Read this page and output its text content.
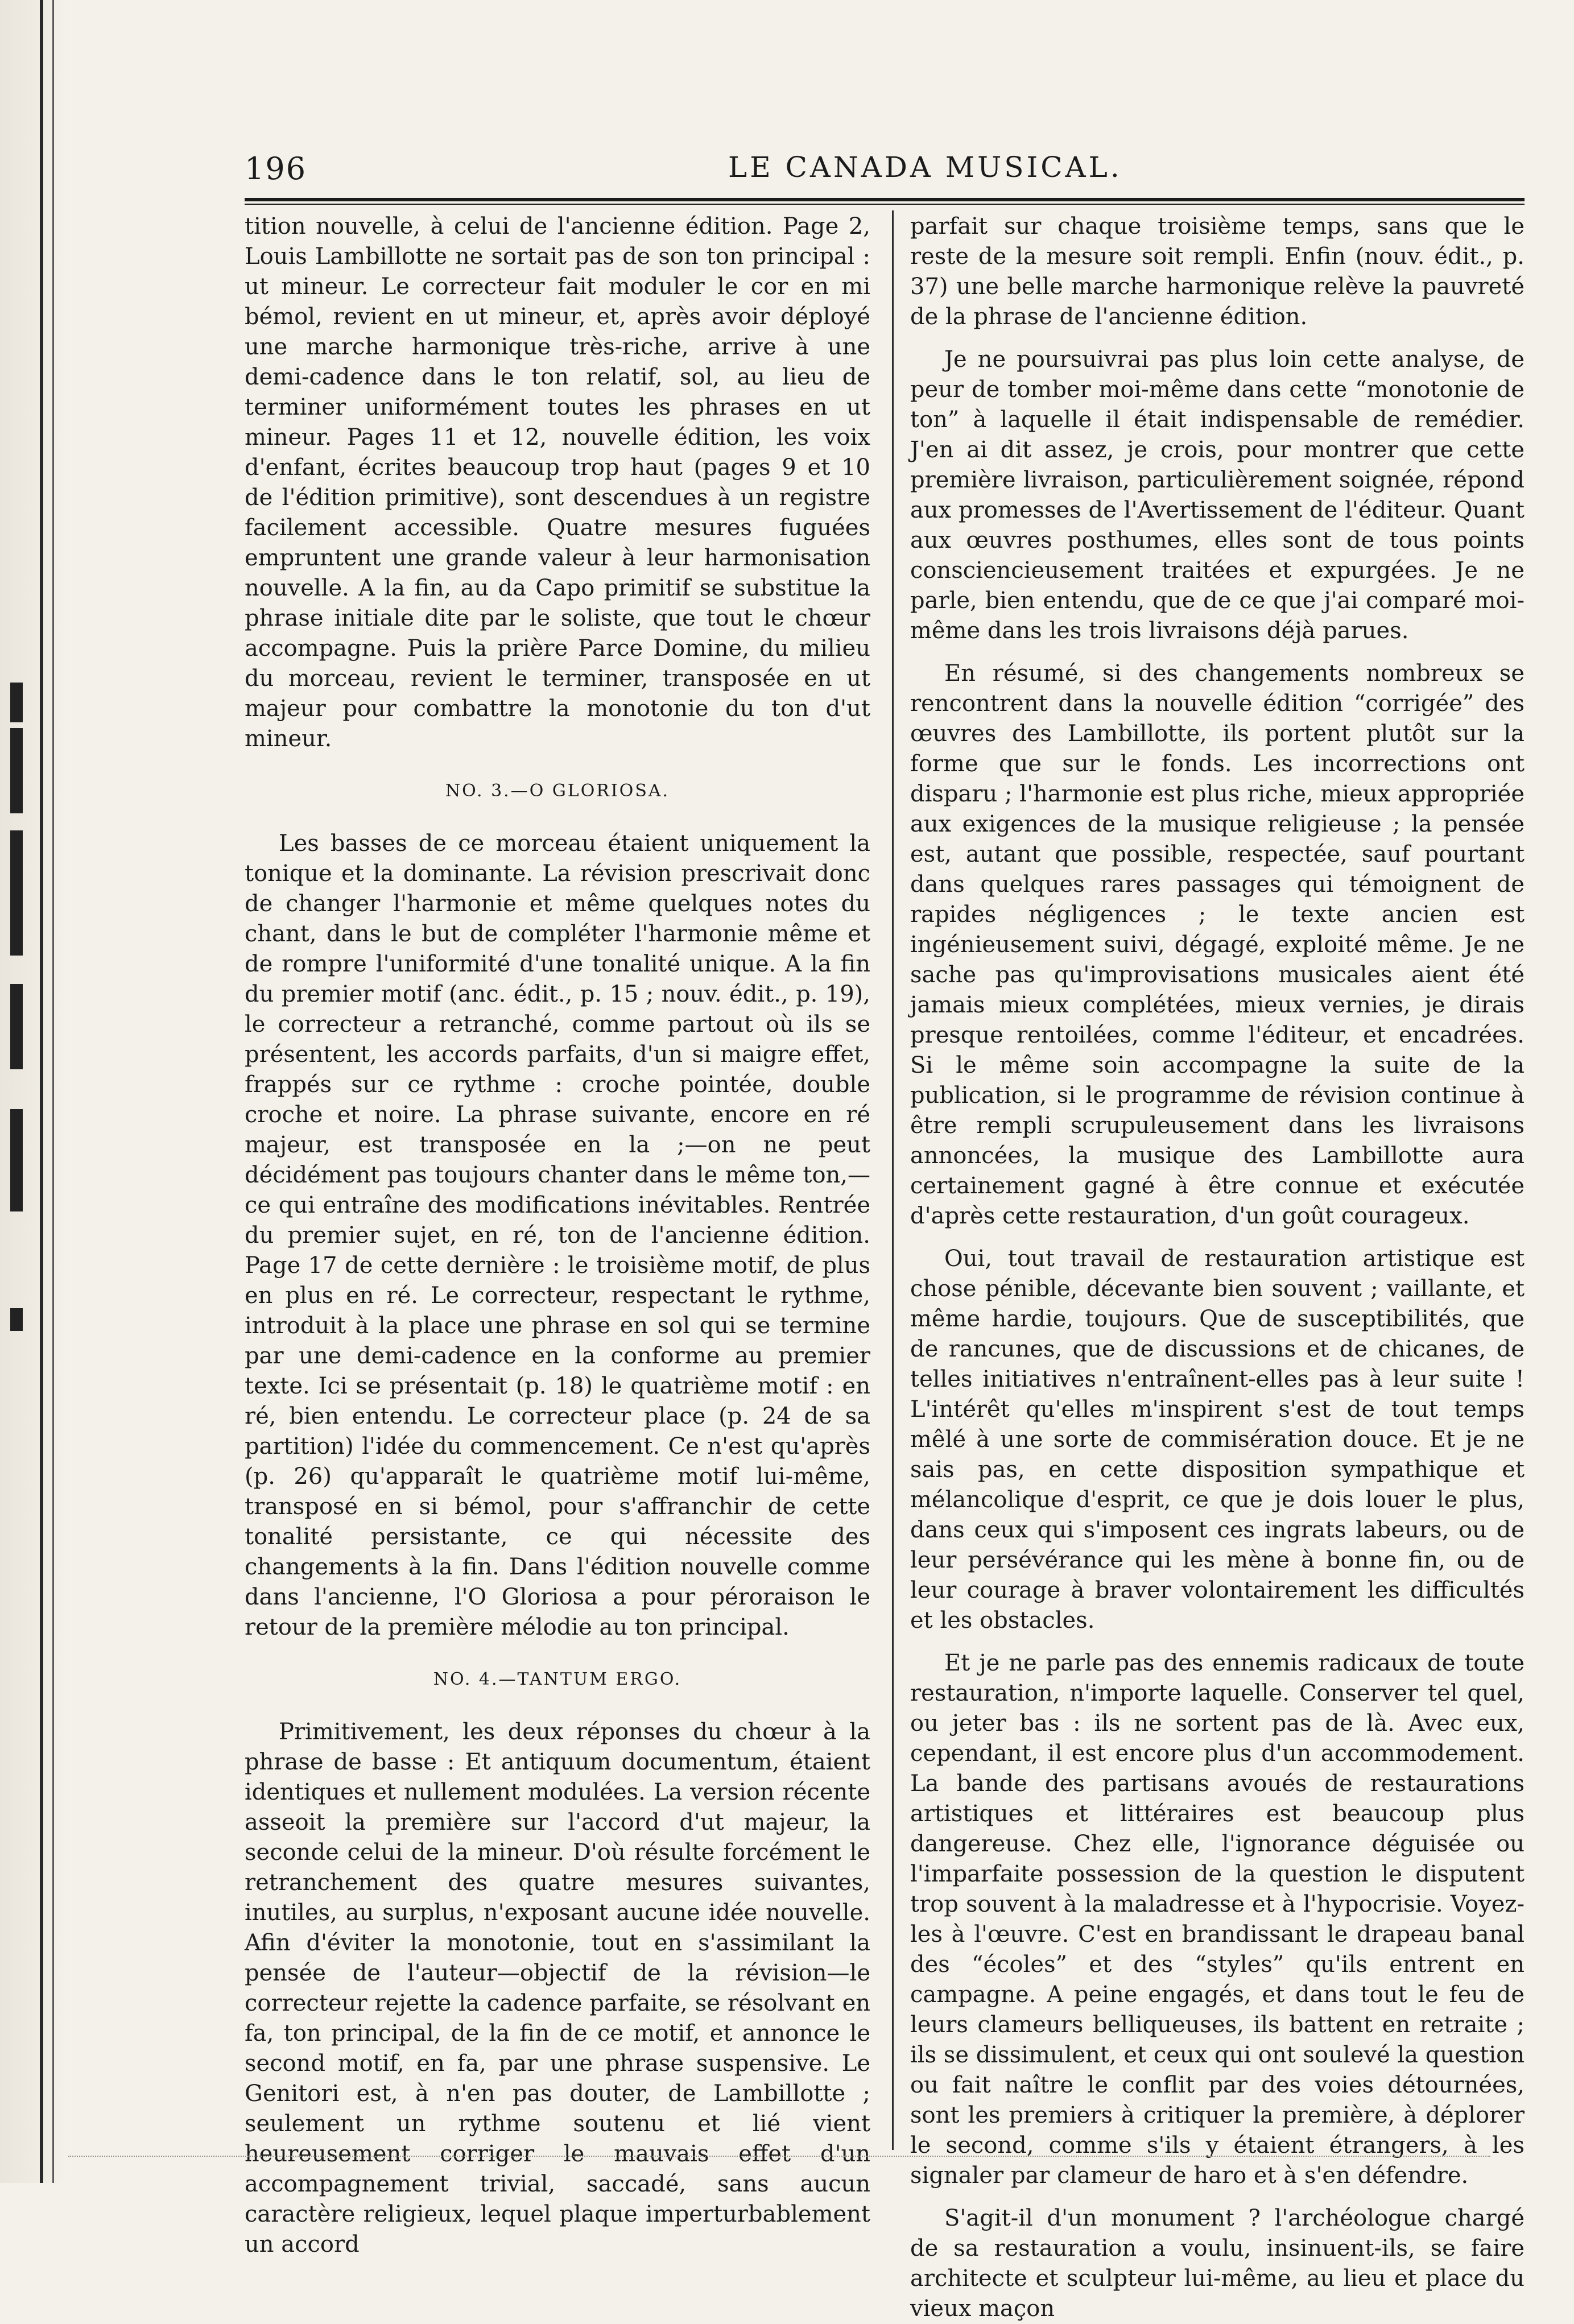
196	LE CANADA MUSICAL.

tition nouvelle, à celui de l'ancienne édition. Page 2, Louis Lambillotte ne sortait pas de son ton principal : ut mineur. Le correcteur fait moduler le cor en mi bémol, revient en ut mineur, et, après avoir déployé une marche harmonique très-riche, arrive à une demi-cadence dans le ton relatif, sol, au lieu de terminer uniformément toutes les phrases en ut mineur. Pages 11 et 12, nouvelle édition, les voix d'enfant, écrites beaucoup trop haut (pages 9 et 10 de l'édition primitive), sont descendues à un registre facilement accessible. Quatre mesures fuguées empruntent une grande valeur à leur harmonisation nouvelle. A la fin, au da Capo primitif se substitue la phrase initiale dite par le soliste, que tout le chœur accompagne. Puis la prière Parce Domine, du milieu du morceau, revient le terminer, transposée en ut majeur pour combattre la monotonie du ton d'ut mineur.

NO. 3.—O GLORIOSA.

Les basses de ce morceau étaient uniquement la tonique et la dominante. La révision prescrivait donc de changer l'harmonie et même quelques notes du chant, dans le but de compléter l'harmonie même et de rompre l'uniformité d'une tonalité unique. A la fin du premier motif (anc. édit., p. 15 ; nouv. édit., p. 19), le correcteur a retranché, comme partout où ils se présentent, les accords parfaits, d'un si maigre effet, frappés sur ce rythme : croche pointée, double croche et noire. La phrase suivante, encore en ré majeur, est transposée en la ;—on ne peut décidément pas toujours chanter dans le même ton,—ce qui entraîne des modifications inévitables. Rentrée du premier sujet, en ré, ton de l'ancienne édition. Page 17 de cette dernière : le troisième motif, de plus en plus en ré. Le correcteur, respectant le rythme, introduit à la place une phrase en sol qui se termine par une demi-cadence en la conforme au premier texte. Ici se présentait (p. 18) le quatrième motif : en ré, bien entendu. Le correcteur place (p. 24 de sa partition) l'idée du commencement. Ce n'est qu'après (p. 26) qu'apparaît le quatrième motif lui-même, transposé en si bémol, pour s'affranchir de cette tonalité persistante, ce qui nécessite des changements à la fin. Dans l'édition nouvelle comme dans l'ancienne, l'O Gloriosa a pour péroraison le retour de la première mélodie au ton principal.

NO. 4.—TANTUM ERGO.

Primitivement, les deux réponses du chœur à la phrase de basse : Et antiquum documentum, étaient identiques et nullement modulées. La version récente asseoit la première sur l'accord d'ut majeur, la seconde celui de la mineur. D'où résulte forcément le retranchement des quatre mesures suivantes, inutiles, au surplus, n'exposant aucune idée nouvelle. Afin d'éviter la monotonie, tout en s'assimilant la pensée de l'auteur—objectif de la révision—le correcteur rejette la cadence parfaite, se résolvant en fa, ton principal, de la fin de ce motif, et annonce le second motif, en fa, par une phrase suspensive. Le Genitori est, à n'en pas douter, de Lambillotte ; seulement un rythme soutenu et lié vient heureusement corriger le mauvais effet d'un accompagnement trivial, saccadé, sans aucun caractère religieux, lequel plaque imperturbablement un accord

parfait sur chaque troisième temps, sans que le reste de la mesure soit rempli. Enfin (nouv. édit., p. 37) une belle marche harmonique relève la pauvreté de la phrase de l'ancienne édition.

Je ne poursuivrai pas plus loin cette analyse, de peur de tomber moi-même dans cette “monotonie de ton” à laquelle il était indispensable de remédier. J'en ai dit assez, je crois, pour montrer que cette première livraison, particulièrement soignée, répond aux promesses de l'Avertissement de l'éditeur. Quant aux œuvres posthumes, elles sont de tous points consciencieusement traitées et expurgées. Je ne parle, bien entendu, que de ce que j'ai comparé moi-même dans les trois livraisons déjà parues.

En résumé, si des changements nombreux se rencontrent dans la nouvelle édition “corrigée” des œuvres des Lambillotte, ils portent plutôt sur la forme que sur le fonds. Les incorrections ont disparu ; l'harmonie est plus riche, mieux appropriée aux exigences de la musique religieuse ; la pensée est, autant que possible, respectée, sauf pourtant dans quelques rares passages qui témoignent de rapides négligences ; le texte ancien est ingénieusement suivi, dégagé, exploité même. Je ne sache pas qu'improvisations musicales aient été jamais mieux complétées, mieux vernies, je dirais presque rentoilées, comme l'éditeur, et encadrées. Si le même soin accompagne la suite de la publication, si le programme de révision continue à être rempli scrupuleusement dans les livraisons annoncées, la musique des Lambillotte aura certainement gagné à être connue et exécutée d'après cette restauration, d'un goût courageux.

Oui, tout travail de restauration artistique est chose pénible, décevante bien souvent ; vaillante, et même hardie, toujours. Que de susceptibilités, que de rancunes, que de discussions et de chicanes, de telles initiatives n'entraînent-elles pas à leur suite ! L'intérêt qu'elles m'inspirent s'est de tout temps mêlé à une sorte de commisération douce. Et je ne sais pas, en cette disposition sympathique et mélancolique d'esprit, ce que je dois louer le plus, dans ceux qui s'imposent ces ingrats labeurs, ou de leur persévérance qui les mène à bonne fin, ou de leur courage à braver volontairement les difficultés et les obstacles.

Et je ne parle pas des ennemis radicaux de toute restauration, n'importe laquelle. Conserver tel quel, ou jeter bas : ils ne sortent pas de là. Avec eux, cependant, il est encore plus d'un accommodement. La bande des partisans avoués de restaurations artistiques et littéraires est beaucoup plus dangereuse. Chez elle, l'ignorance déguisée ou l'imparfaite possession de la question le disputent trop souvent à la maladresse et à l'hypocrisie. Voyez-les à l'œuvre. C'est en brandissant le drapeau banal des “écoles” et des “styles” qu'ils entrent en campagne. A peine engagés, et dans tout le feu de leurs clameurs belliqueuses, ils battent en retraite ; ils se dissimulent, et ceux qui ont soulevé la question ou fait naître le conflit par des voies détournées, sont les premiers à critiquer la première, à déplorer le second, comme s'ils y étaient étrangers, à les signaler par clameur de haro et à s'en défendre.

S'agit-il d'un monument ? l'archéologue chargé de sa restauration a voulu, insinuent-ils, se faire architecte et sculpteur lui-même, au lieu et place du vieux maçon
